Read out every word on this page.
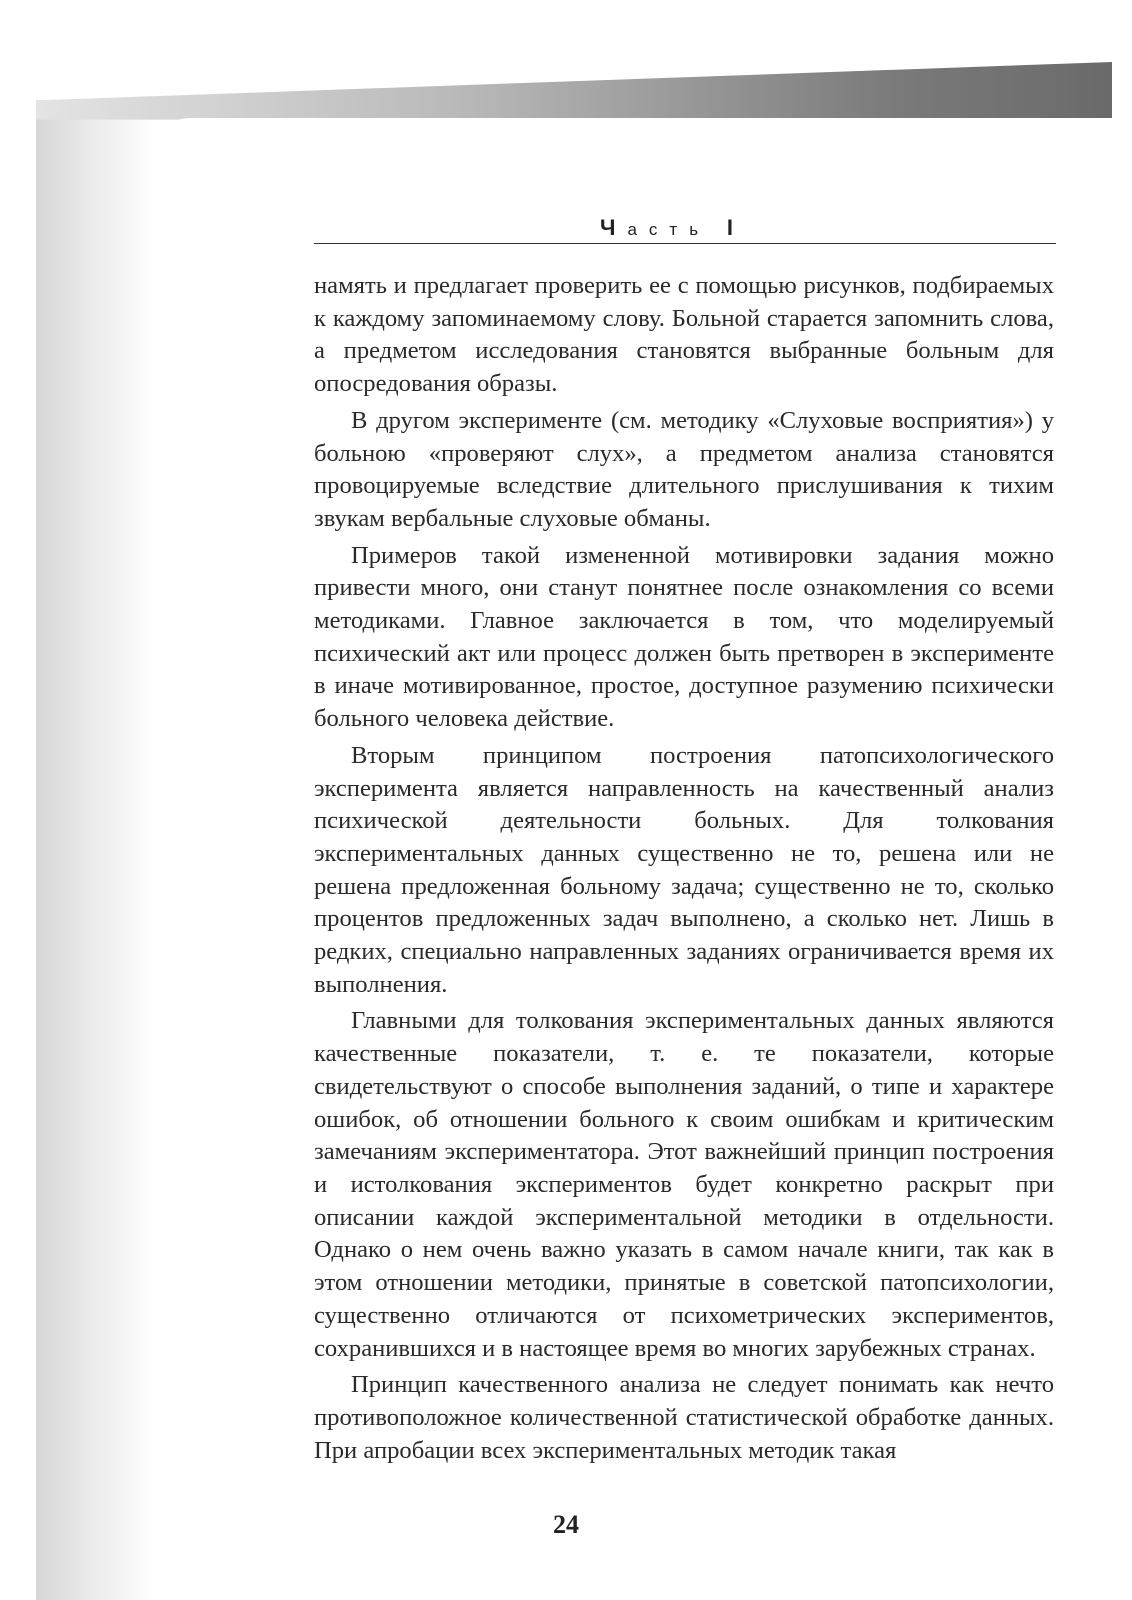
Часть I

намять и предлагает проверить ее с помощью рисунков, подбираемых к каждому запоминаемому слову. Больной старается запомнить слова, а предметом исследования становятся выбранные больным для опосредования образы.

В другом эксперименте (см. методику «Слуховые восприятия») у больною «проверяют слух», а предметом анализа становятся провоцируемые вследствие длительного прислушивания к тихим звукам вербальные слуховые обманы.

Примеров такой измененной мотивировки задания можно привести много, они станут понятнее после ознакомления со всеми методиками. Главное заключается в том, что моделируемый психический акт или процесс должен быть претворен в эксперименте в иначе мотивированное, простое, доступное разумению психически больного человека действие.

Вторым принципом построения патопсихологического эксперимента является направленность на качественный анализ психической деятельности больных. Для толкования экспериментальных данных существенно не то, решена или не решена предложенная больному задача; существенно не то, сколько процентов предложенных задач выполнено, а сколько нет. Лишь в редких, специально направленных заданиях ограничивается время их выполнения.

Главными для толкования экспериментальных данных являются качественные показатели, т. е. те показатели, которые свидетельствуют о способе выполнения заданий, о типе и характере ошибок, об отношении больного к своим ошибкам и критическим замечаниям экспериментатора. Этот важнейший принцип построения и истолкования экспериментов будет конкретно раскрыт при описании каждой экспериментальной методики в отдельности. Однако о нем очень важно указать в самом начале книги, так как в этом отношении методики, принятые в советской патопсихологии, существенно отличаются от психометрических экспериментов, сохранившихся и в настоящее время во многих зарубежных странах.

Принцип качественного анализа не следует понимать как нечто противоположное количественной статистической обработке данных. При апробации всех экспериментальных методик такая

24
